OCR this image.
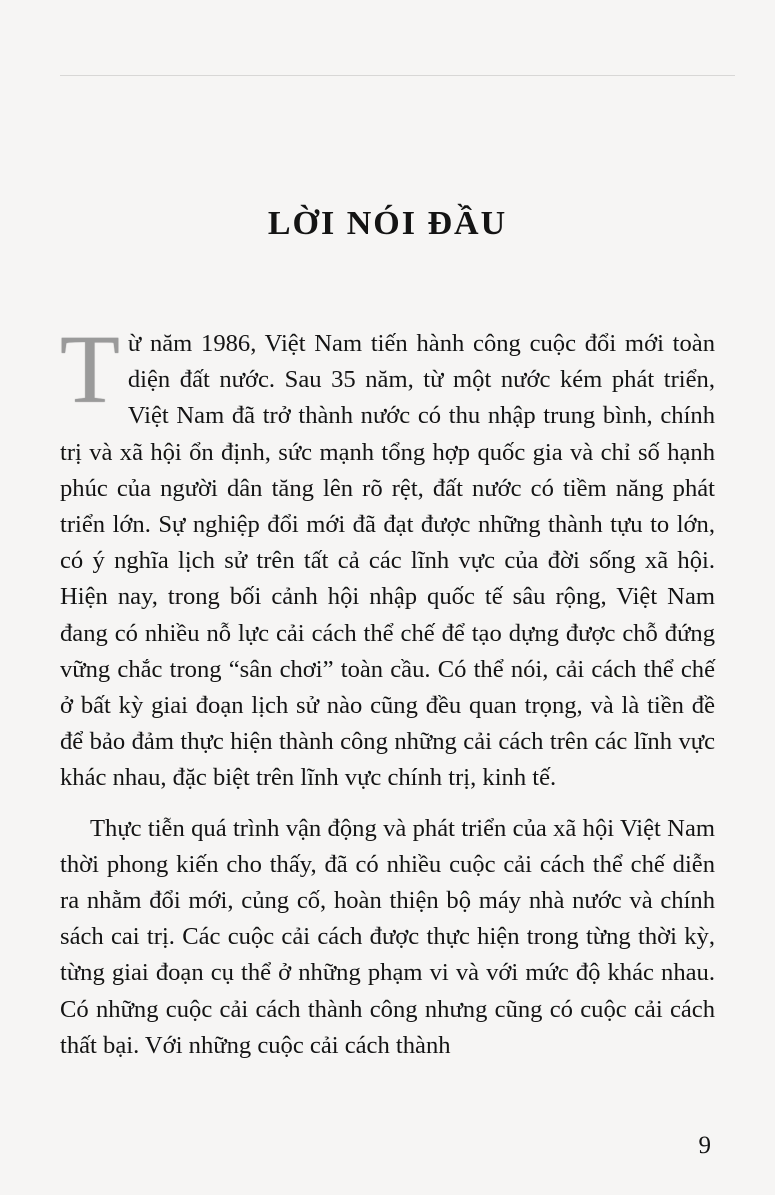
LỜI NÓI ĐẦU

Từ năm 1986, Việt Nam tiến hành công cuộc đổi mới toàn diện đất nước. Sau 35 năm, từ một nước kém phát triển, Việt Nam đã trở thành nước có thu nhập trung bình, chính trị và xã hội ổn định, sức mạnh tổng hợp quốc gia và chỉ số hạnh phúc của người dân tăng lên rõ rệt, đất nước có tiềm năng phát triển lớn. Sự nghiệp đổi mới đã đạt được những thành tựu to lớn, có ý nghĩa lịch sử trên tất cả các lĩnh vực của đời sống xã hội. Hiện nay, trong bối cảnh hội nhập quốc tế sâu rộng, Việt Nam đang có nhiều nỗ lực cải cách thể chế để tạo dựng được chỗ đứng vững chắc trong “sân chơi” toàn cầu. Có thể nói, cải cách thể chế ở bất kỳ giai đoạn lịch sử nào cũng đều quan trọng, và là tiền đề để bảo đảm thực hiện thành công những cải cách trên các lĩnh vực khác nhau, đặc biệt trên lĩnh vực chính trị, kinh tế.

Thực tiễn quá trình vận động và phát triển của xã hội Việt Nam thời phong kiến cho thấy, đã có nhiều cuộc cải cách thể chế diễn ra nhằm đổi mới, củng cố, hoàn thiện bộ máy nhà nước và chính sách cai trị. Các cuộc cải cách được thực hiện trong từng thời kỳ, từng giai đoạn cụ thể ở những phạm vi và với mức độ khác nhau. Có những cuộc cải cách thành công nhưng cũng có cuộc cải cách thất bại. Với những cuộc cải cách thành

9
